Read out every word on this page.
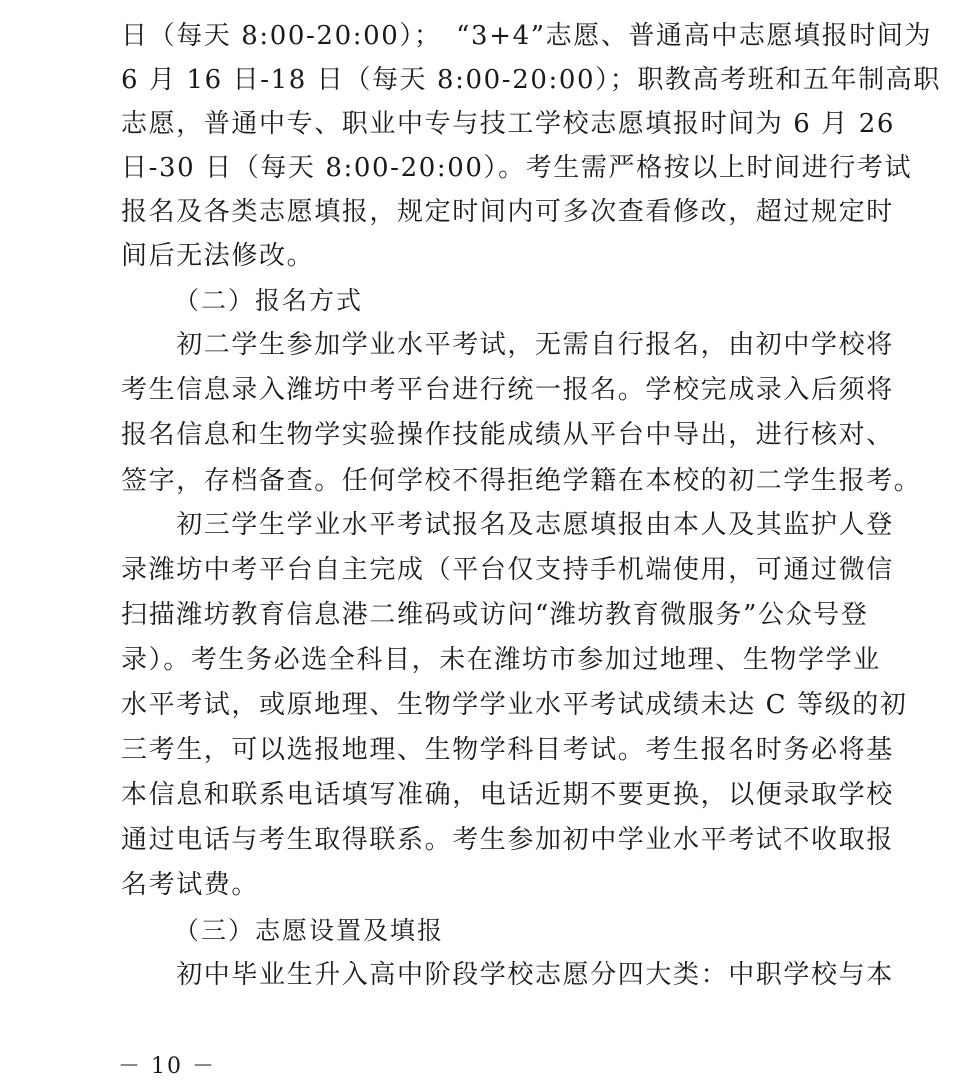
日（每天 8:00-20:00）；　“3+4”志愿、普通高中志愿填报时间为
6 月 16 日-18 日（每天 8:00-20:00）；职教高考班和五年制高职
志愿，普通中专、职业中专与技工学校志愿填报时间为 6 月 26
日-30 日（每天 8:00-20:00）。考生需严格按以上时间进行考试
报名及各类志愿填报，规定时间内可多次查看修改，超过规定时
间后无法修改。
（二）报名方式
　　初二学生参加学业水平考试，无需自行报名，由初中学校将
考生信息录入潍坊中考平台进行统一报名。学校完成录入后须将
报名信息和生物学实验操作技能成绩从平台中导出，进行核对、
签字，存档备查。任何学校不得拒绝学籍在本校的初二学生报考。
　　初三学生学业水平考试报名及志愿填报由本人及其监护人登
录潍坊中考平台自主完成（平台仅支持手机端使用，可通过微信
扫描潍坊教育信息港二维码或访问“潍坊教育微服务”公众号登
录）。考生务必选全科目，未在潍坊市参加过地理、生物学学业
水平考试，或原地理、生物学学业水平考试成绩未达 C 等级的初
三考生，可以选报地理、生物学科目考试。考生报名时务必将基
本信息和联系电话填写准确，电话近期不要更换，以便录取学校
通过电话与考生取得联系。考生参加初中学业水平考试不收取报
名考试费。
（三）志愿设置及填报
　　初中毕业生升入高中阶段学校志愿分四大类：中职学校与本
－ 10 －
